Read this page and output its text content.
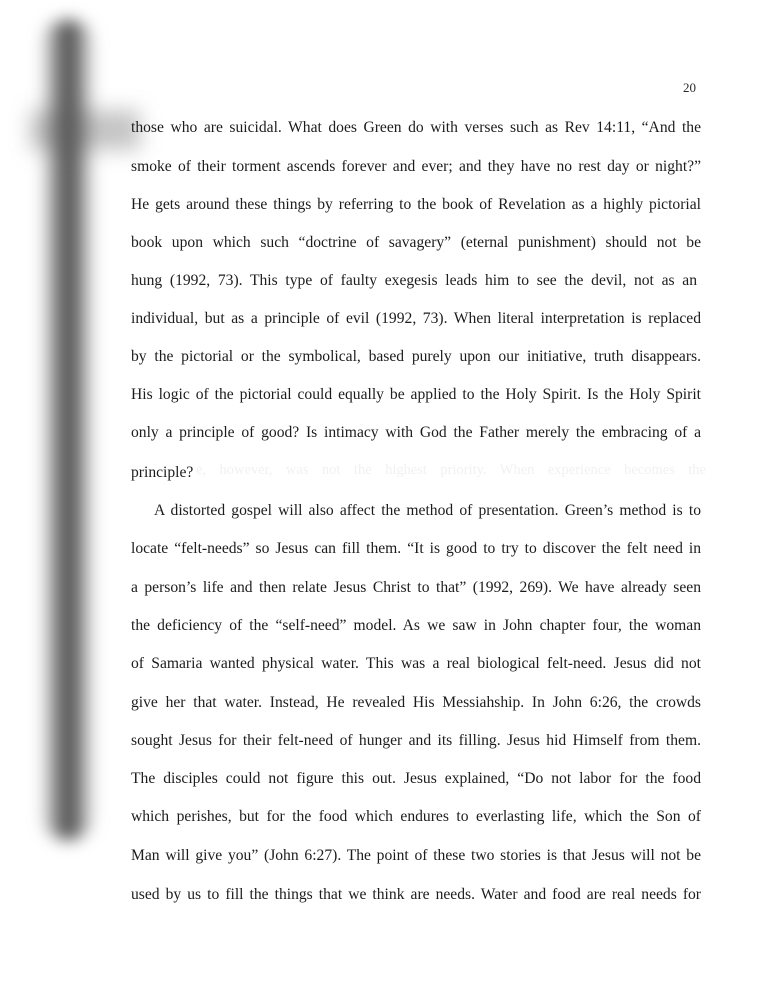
20
e, however, was not the highest priority. When experience becomes the
those who are suicidal. What does Green do with verses such as Rev 14:11, “And the
smoke of their torment ascends forever and ever; and they have no rest day or night?”
He gets around these things by referring to the book of Revelation as a highly pictorial
book upon which such “doctrine of savagery” (eternal punishment) should not be
hung (1992, 73). This type of faulty exegesis leads him to see the devil, not as an
individual, but as a principle of evil (1992, 73). When literal interpretation is replaced
by the pictorial or the symbolical, based purely upon our initiative, truth disappears.
His logic of the pictorial could equally be applied to the Holy Spirit. Is the Holy Spirit
only a principle of good? Is intimacy with God the Father merely the embracing of a
principle?
A distorted gospel will also affect the method of presentation. Green’s method is to
locate “felt-needs” so Jesus can fill them. “It is good to try to discover the felt need in
a person’s life and then relate Jesus Christ to that” (1992, 269). We have already seen
the deficiency of the “self-need” model. As we saw in John chapter four, the woman
of Samaria wanted physical water. This was a real biological felt-need. Jesus did not
give her that water. Instead, He revealed His Messiahship. In John 6:26, the crowds
sought Jesus for their felt-need of hunger and its filling. Jesus hid Himself from them.
The disciples could not figure this out. Jesus explained, “Do not labor for the food
which perishes, but for the food which endures to everlasting life, which the Son of
Man will give you” (John 6:27). The point of these two stories is that Jesus will not be
used by us to fill the things that we think are needs. Water and food are real needs for
